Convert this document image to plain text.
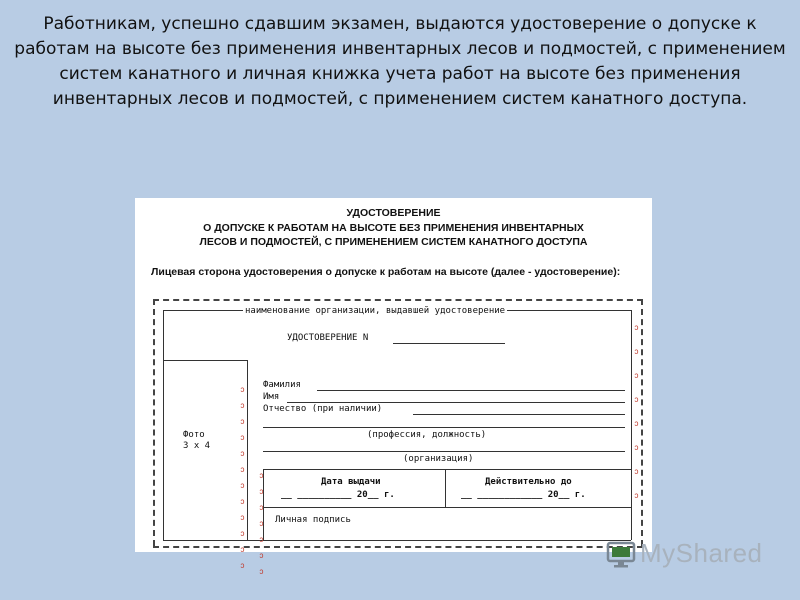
Работникам, успешно сдавшим экзамен, выдаются удостоверение о допуске к работам на высоте без применения инвентарных лесов и подмостей, с применением систем канатного и личная книжка учета работ на высоте без применения инвентарных лесов и подмостей, с применением систем канатного доступа.
УДОСТОВЕРЕНИЕ
О ДОПУСКЕ К РАБОТАМ НА ВЫСОТЕ БЕЗ ПРИМЕНЕНИЯ ИНВЕНТАРНЫХ
ЛЕСОВ И ПОДМОСТЕЙ, С ПРИМЕНЕНИЕМ СИСТЕМ КАНАТНОГО ДОСТУПА
Лицевая сторона удостоверения о допуске к работам на высоте (далее - удостоверение):
наименование организации, выдавшей удостоверение
УДОСТОВЕРЕНИЕ N
Фото
3 х 4
Фамилия
Имя
Отчество (при наличии)
(профессия, должность)
(организация)
Дата выдачи	Действительно до
__ __________ 20__ г.	__ ____________ 20__ г.
Личная подпись
ↄ

ↄ

ↄ

ↄ

ↄ

ↄ

ↄ

ↄ
ↄ

ↄ

ↄ

ↄ

ↄ

ↄ

ↄ

ↄ

ↄ

ↄ

ↄ

ↄ
ↄ

ↄ

ↄ

ↄ

ↄ

ↄ

ↄ
MyShared
